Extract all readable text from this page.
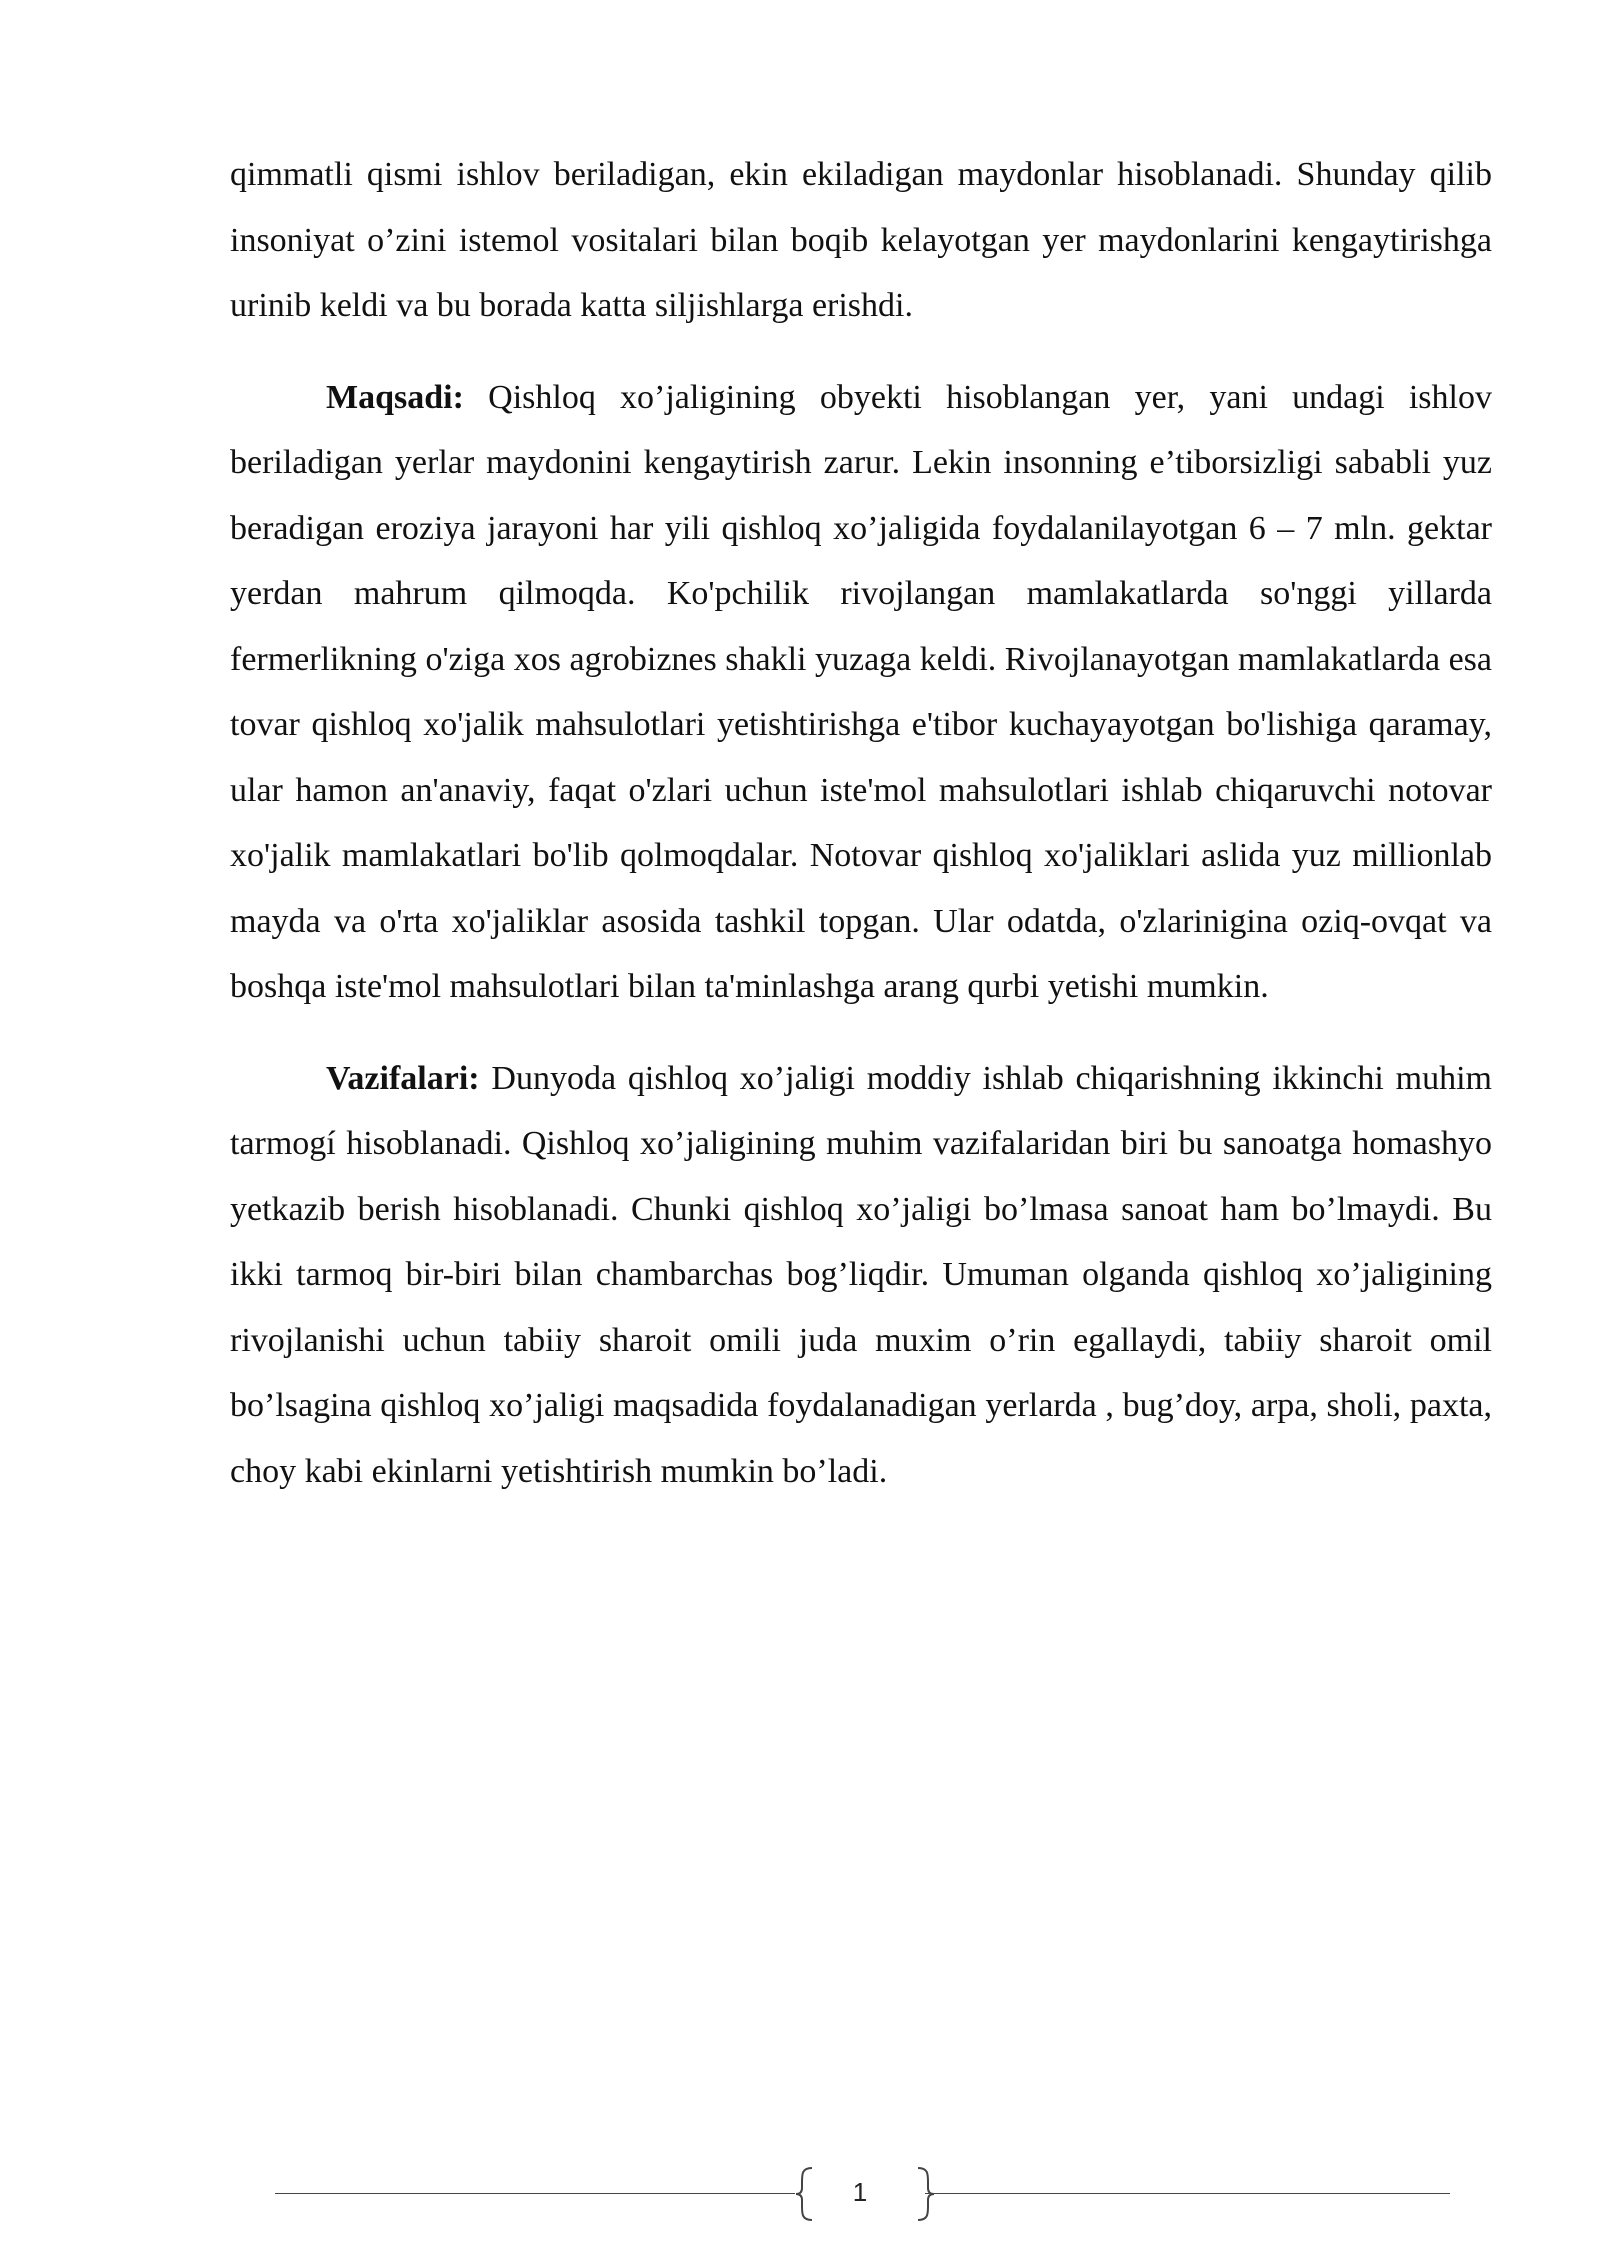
qimmatli qismi ishlov beriladigan, ekin ekiladigan maydonlar hisoblanadi. Shunday qilib insoniyat o’zini istemol vositalari bilan boqib kelayotgan yer maydonlarini kengaytirishga urinib keldi va bu borada katta siljishlarga erishdi.

Maqsadi: Qishloq xo’jaligining obyekti hisoblangan yer, yani undagi ishlov beriladigan yerlar maydonini kengaytirish zarur. Lekin insonning e’tiborsizligi sababli yuz beradigan eroziya jarayoni har yili qishloq xo’jaligida foydalanilayotgan 6 – 7 mln. gektar yerdan mahrum qilmoqda. Ko'pchilik rivojlangan mamlakatlarda so'nggi yillarda fermerlikning o'ziga xos agrobiznes shakli yuzaga keldi. Rivojlanayotgan mamlakatlarda esa tovar qishloq xo'jalik mahsulotlari yetishtirishga e'tibor kuchayayotgan bo'lishiga qaramay, ular hamon an'anaviy, faqat o'zlari uchun iste'mol mahsulotlari ishlab chiqaruvchi notovar xo'jalik mamlakatlari bo'lib qolmoqdalar. Notovar qishloq xo'jaliklari aslida yuz millionlab mayda va o'rta xo'jaliklar asosida tashkil topgan. Ular odatda, o'zlarinigina oziq-ovqat va boshqa iste'mol mahsulotlari bilan ta'minlashga arang qurbi yetishi mumkin.

Vazifalari: Dunyoda qishloq xo’jaligi moddiy ishlab chiqarishning ikkinchi muhim tarmogí hisoblanadi. Qishloq xo’jaligining muhim vazifalaridan biri bu sanoatga homashyo yetkazib berish hisoblanadi. Chunki qishloq xo’jaligi bo’lmasa sanoat ham bo’lmaydi. Bu ikki tarmoq bir-biri bilan chambarchas bog’liqdir. Umuman olganda qishloq xo’jaligining rivojlanishi uchun tabiiy sharoit omili juda muxim o’rin egallaydi, tabiiy sharoit omil bo’lsagina qishloq xo’jaligi maqsadida foydalanadigan yerlarda , bug’doy, arpa, sholi, paxta, choy kabi ekinlarni yetishtirish mumkin bo’ladi.

1
